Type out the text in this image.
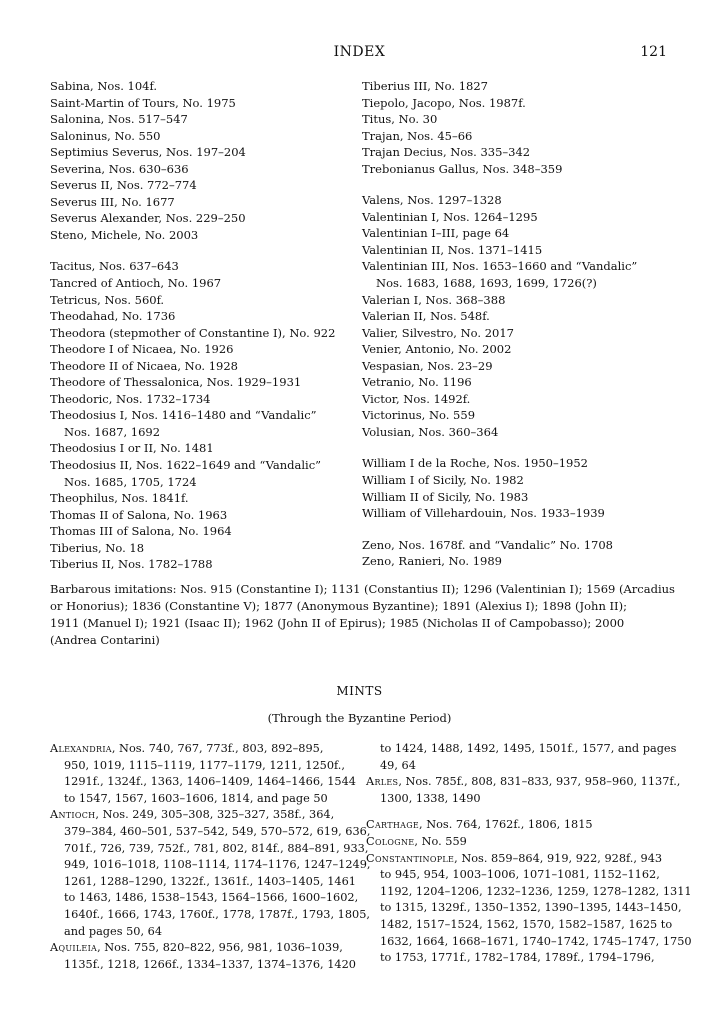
INDEX	121
Sabina, Nos. 104f.
Saint-Martin of Tours, No. 1975
Salonina, Nos. 517–547
Saloninus, No. 550
Septimius Severus, Nos. 197–204
Severina, Nos. 630–636
Severus II, Nos. 772–774
Severus III, No. 1677
Severus Alexander, Nos. 229–250
Steno, Michele, No. 2003
Tacitus, Nos. 637–643
Tancred of Antioch, No. 1967
Tetricus, Nos. 560f.
Theodahad, No. 1736
Theodora (stepmother of Constantine I), No. 922
Theodore I of Nicaea, No. 1926
Theodore II of Nicaea, No. 1928
Theodore of Thessalonica, Nos. 1929–1931
Theodoric, Nos. 1732–1734
Theodosius I, Nos. 1416–1480 and “Vandalic”
Nos. 1687, 1692
Theodosius I or II, No. 1481
Theodosius II, Nos. 1622–1649 and “Vandalic”
Nos. 1685, 1705, 1724
Theophilus, Nos. 1841f.
Thomas II of Salona, No. 1963
Thomas III of Salona, No. 1964
Tiberius, No. 18
Tiberius II, Nos. 1782–1788
Tiberius III, No. 1827
Tiepolo, Jacopo, Nos. 1987f.
Titus, No. 30
Trajan, Nos. 45–66
Trajan Decius, Nos. 335–342
Trebonianus Gallus, Nos. 348–359
Valens, Nos. 1297–1328
Valentinian I, Nos. 1264–1295
Valentinian I–III, page 64
Valentinian II, Nos. 1371–1415
Valentinian III, Nos. 1653–1660 and “Vandalic”
Nos. 1683, 1688, 1693, 1699, 1726(?)
Valerian I, Nos. 368–388
Valerian II, Nos. 548f.
Valier, Silvestro, No. 2017
Venier, Antonio, No. 2002
Vespasian, Nos. 23–29
Vetranio, No. 1196
Victor, Nos. 1492f.
Victorinus, No. 559
Volusian, Nos. 360–364
William I de la Roche, Nos. 1950–1952
William I of Sicily, No. 1982
William II of Sicily, No. 1983
William of Villehardouin, Nos. 1933–1939
Zeno, Nos. 1678f. and “Vandalic” No. 1708
Zeno, Ranieri, No. 1989
Barbarous imitations: Nos. 915 (Constantine I); 1131 (Constantius II); 1296 (Valentinian I); 1569 (Arcadius
or Honorius); 1836 (Constantine V); 1877 (Anonymous Byzantine); 1891 (Alexius I); 1898 (John II);
1911 (Manuel I); 1921 (Isaac II); 1962 (John II of Epirus); 1985 (Nicholas II of Campobasso); 2000
(Andrea Contarini)
MINTS
(Through the Byzantine Period)
Alexandria, Nos. 740, 767, 773f., 803, 892–895,
950, 1019, 1115–1119, 1177–1179, 1211, 1250f.,
1291f., 1324f., 1363, 1406–1409, 1464–1466, 1544
to 1547, 1567, 1603–1606, 1814, and page 50
Antioch, Nos. 249, 305–308, 325–327, 358f., 364,
379–384, 460–501, 537–542, 549, 570–572, 619, 636,
701f., 726, 739, 752f., 781, 802, 814f., 884–891, 933,
949, 1016–1018, 1108–1114, 1174–1176, 1247–1249,
1261, 1288–1290, 1322f., 1361f., 1403–1405, 1461
to 1463, 1486, 1538–1543, 1564–1566, 1600–1602,
1640f., 1666, 1743, 1760f., 1778, 1787f., 1793, 1805,
and pages 50, 64
Aquileia, Nos. 755, 820–822, 956, 981, 1036–1039,
1135f., 1218, 1266f., 1334–1337, 1374–1376, 1420
to 1424, 1488, 1492, 1495, 1501f., 1577, and pages
49, 64
Arles, Nos. 785f., 808, 831–833, 937, 958–960, 1137f.,
1300, 1338, 1490
Carthage, Nos. 764, 1762f., 1806, 1815
Cologne, No. 559
Constantinople, Nos. 859–864, 919, 922, 928f., 943
to 945, 954, 1003–1006, 1071–1081, 1152–1162,
1192, 1204–1206, 1232–1236, 1259, 1278–1282, 1311
to 1315, 1329f., 1350–1352, 1390–1395, 1443–1450,
1482, 1517–1524, 1562, 1570, 1582–1587, 1625 to
1632, 1664, 1668–1671, 1740–1742, 1745–1747, 1750
to 1753, 1771f., 1782–1784, 1789f., 1794–1796,
